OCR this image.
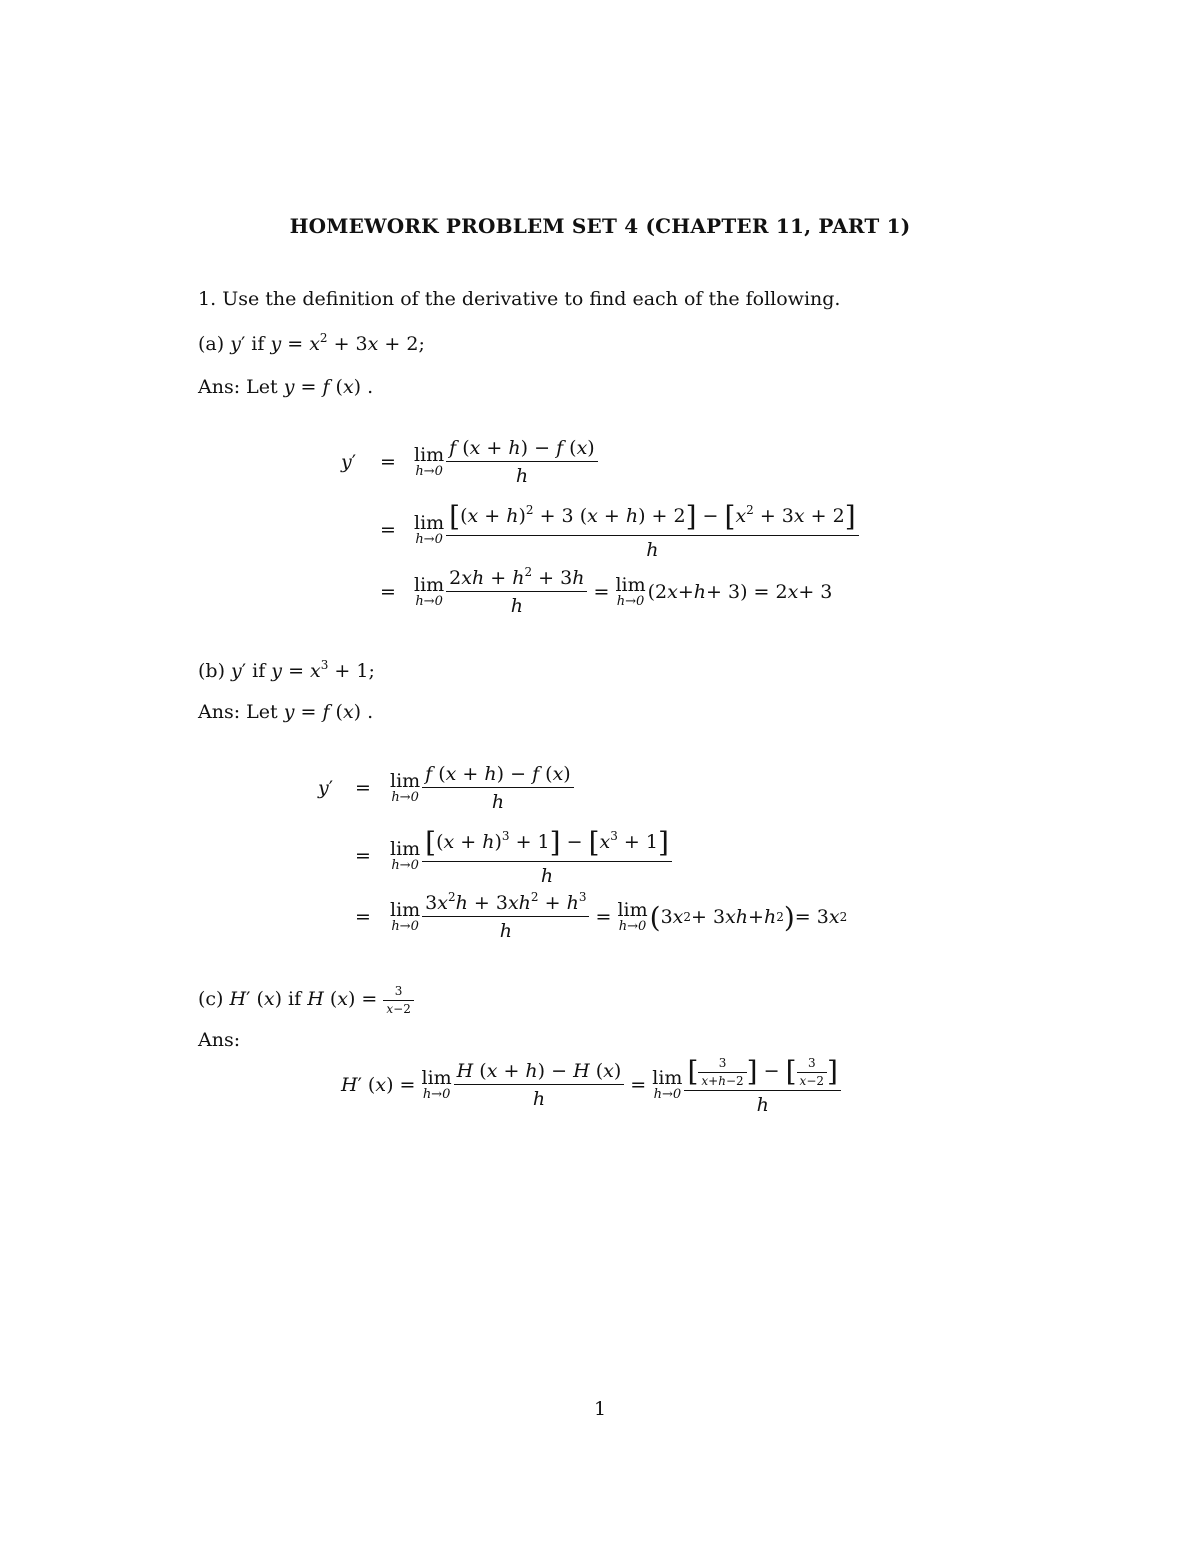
HOMEWORK PROBLEM SET 4 (CHAPTER 11, PART 1)
1. Use the definition of the derivative to find each of the following.
(a) y′ if $y = x^2 + 3x + 2$;
Ans: Let y = f (x) .
y ′ = lim
$h\to 0 \frac{f (x + h) - f (x)}{h}$
= lim
$h\to 0 \frac{[(x + h)^2 + 3 (x + h) + 2] - [x^2 + 3x + 2]}{h}$
= lim
$h\to 0 \frac{2xh + h^2 + 3h}{h} = \lim$
h→0 (2 x + h + 3) = 2 x + 3
(b) y′ if $y = x^3 + 1$;
Ans: Let y = f (x) .
y ′ = lim
$h\to 0 \frac{f (x + h) - f (x)}{h}$
= lim
$h\to 0 \frac{[(x + h)^3 + 1] - [x^3 + 1]}{h}$
= lim
$h\to 0 \frac{3x^2h + 3xh^2 + h^3}{h} = \lim$
h→0 ( 3 x 2 + 3 xh + h 2 ) = 3 x 2
(c) H′ (x) if H $(x) = \frac{3}{x-2}$
Ans:
H ′ ( x ) = lim
$h\to 0 \frac{H (x + h) - H (x)}{h} = \lim$
$h\to 0 \frac{[ \frac{3}{x+h-2} ] - [ \frac{3}{x-2} ]}{h}$
1
